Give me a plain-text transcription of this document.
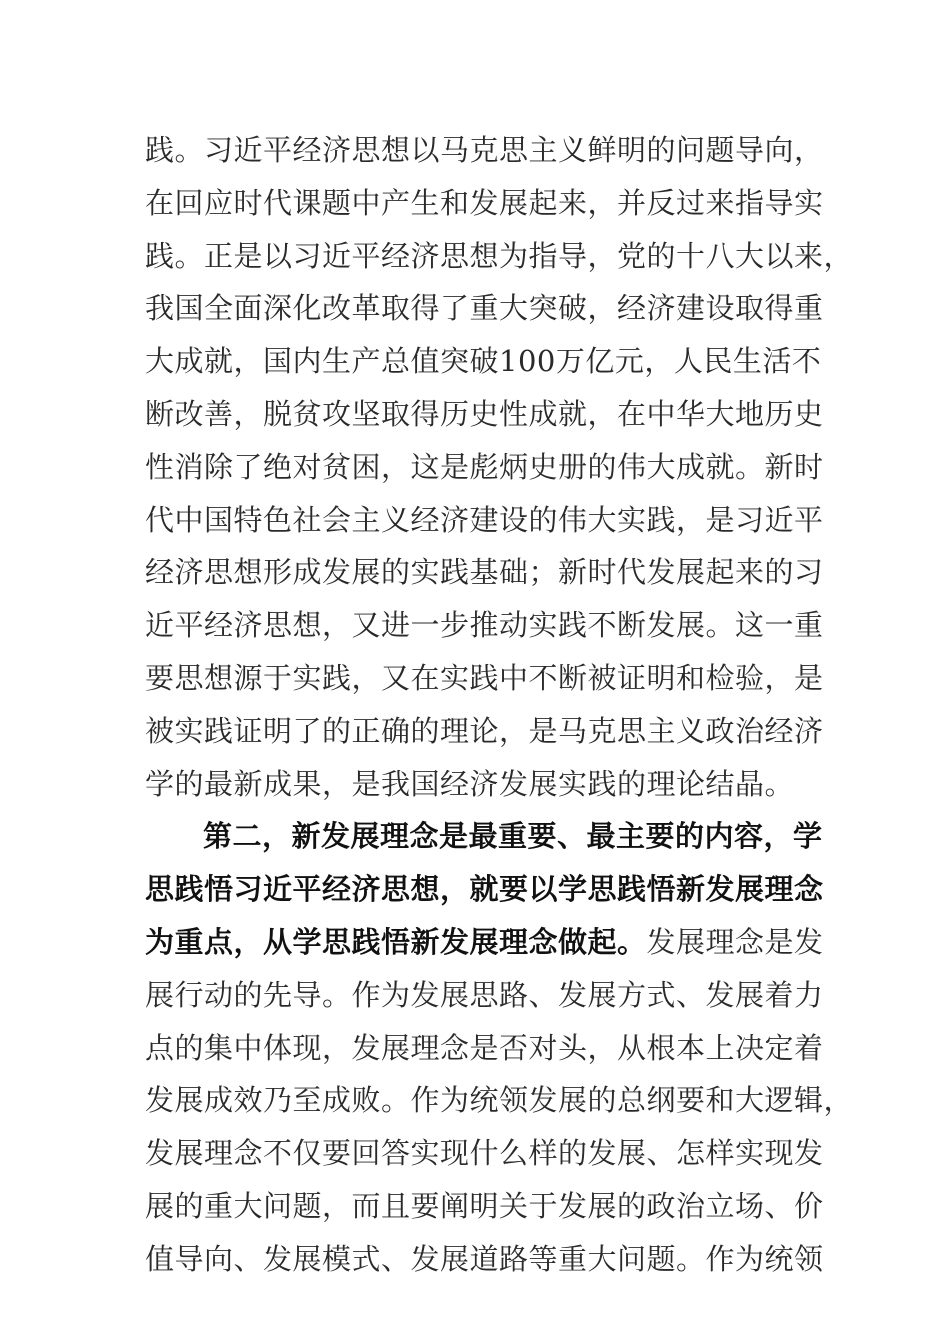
践。习近平经济思想以马克思主义鲜明的问题导向，
在回应时代课题中产生和发展起来，并反过来指导实
践。正是以习近平经济思想为指导，党的十八大以来，
我国全面深化改革取得了重大突破，经济建设取得重
大成就，国内生产总值突破100万亿元，人民生活不
断改善，脱贫攻坚取得历史性成就，在中华大地历史
性消除了绝对贫困，这是彪炳史册的伟大成就。新时
代中国特色社会主义经济建设的伟大实践，是习近平
经济思想形成发展的实践基础；新时代发展起来的习
近平经济思想，又进一步推动实践不断发展。这一重
要思想源于实践，又在实践中不断被证明和检验，是
被实践证明了的正确的理论，是马克思主义政治经济
学的最新成果，是我国经济发展实践的理论结晶。
第二，新发展理念是最重要、最主要的内容，学
思践悟习近平经济思想，就要以学思践悟新发展理念
为重点，从学思践悟新发展理念做起。发展理念是发
展行动的先导。作为发展思路、发展方式、发展着力
点的集中体现，发展理念是否对头，从根本上决定着
发展成效乃至成败。作为统领发展的总纲要和大逻辑，
发展理念不仅要回答实现什么样的发展、怎样实现发
展的重大问题，而且要阐明关于发展的政治立场、价
值导向、发展模式、发展道路等重大问题。作为统领
